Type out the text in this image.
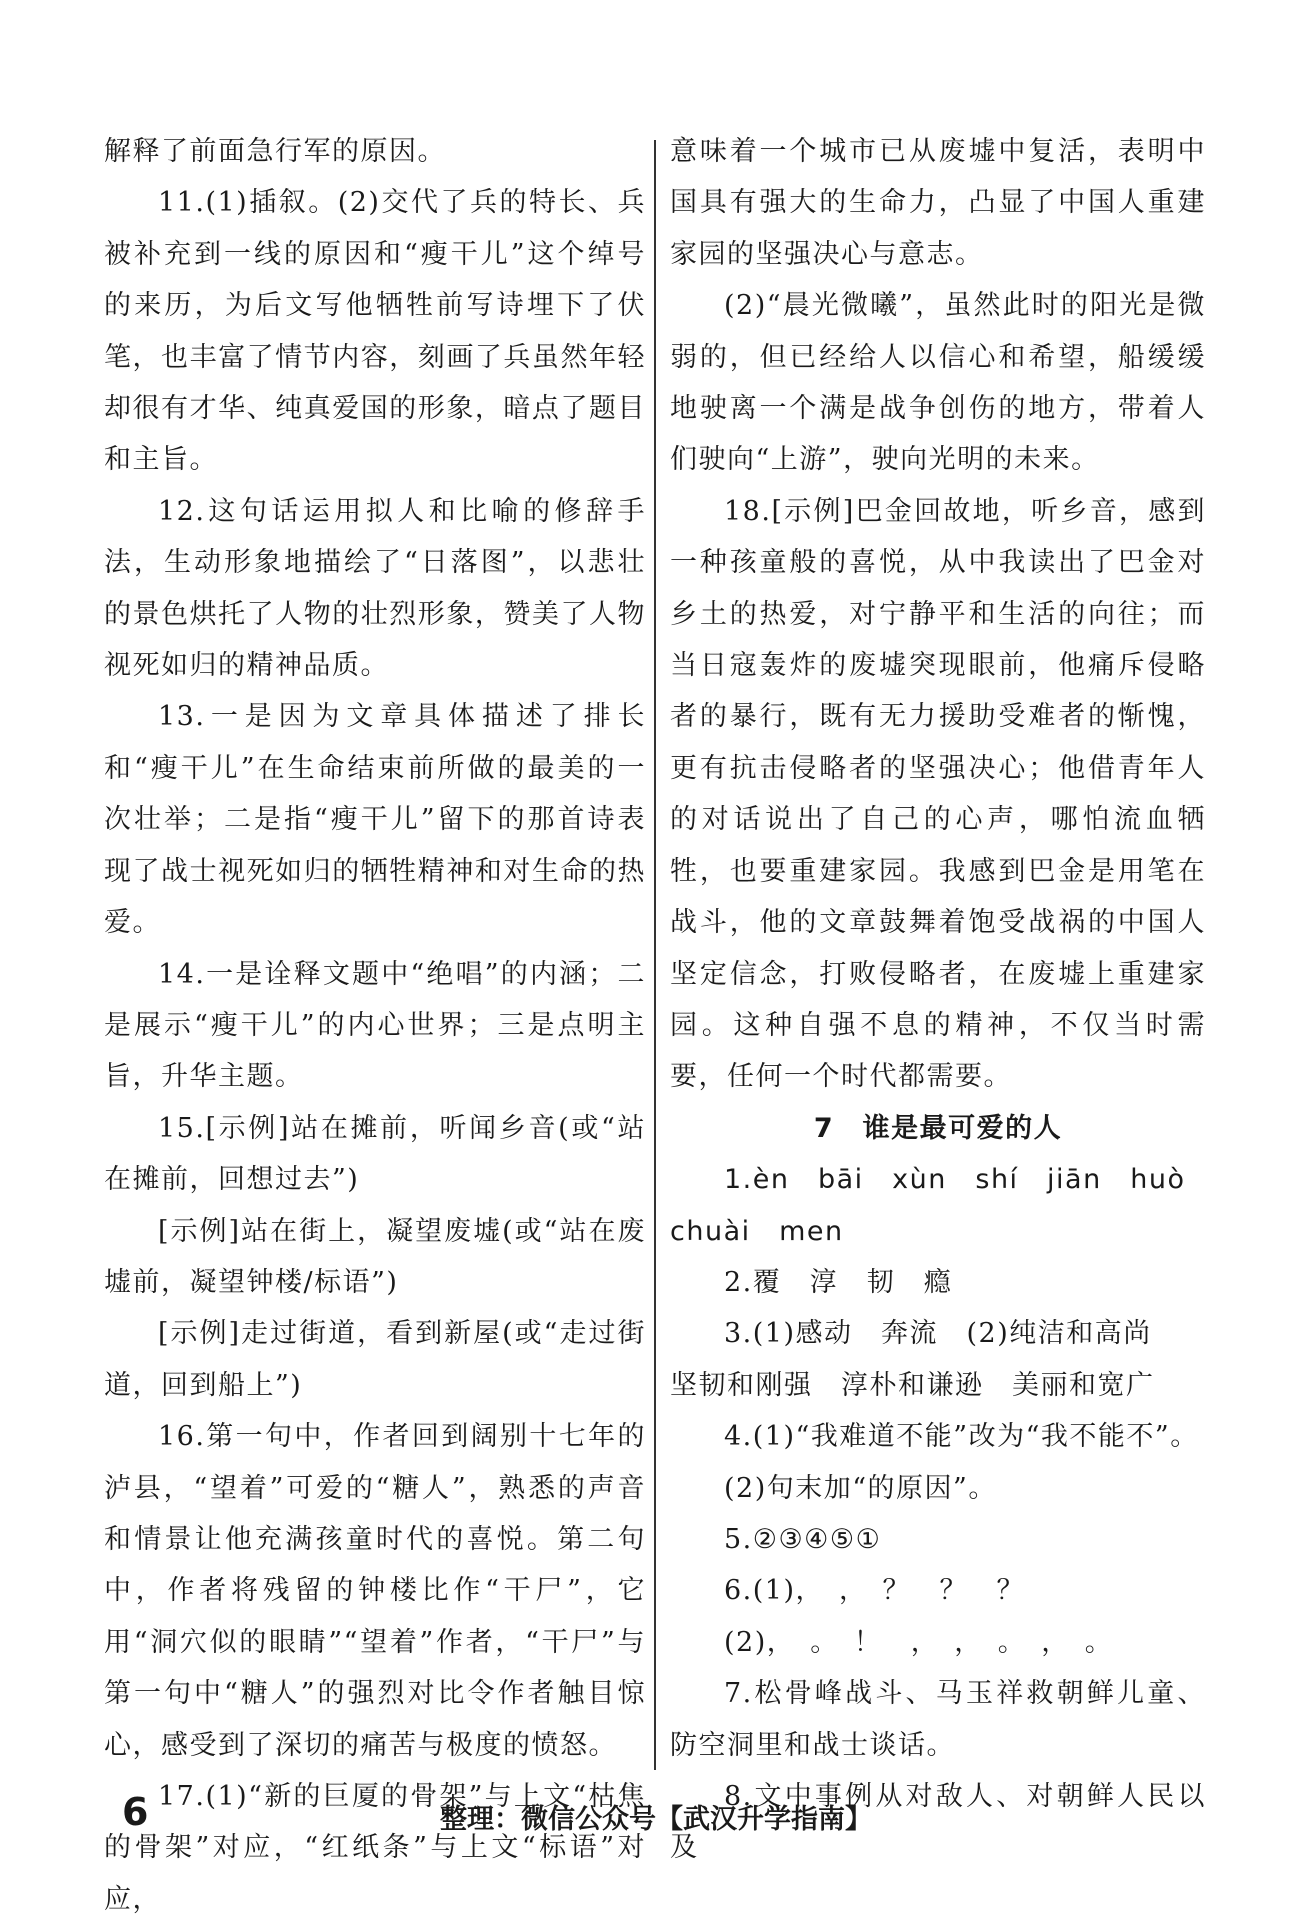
解释了前面急行军的原因。

11.(1)插叙。(2)交代了兵的特长、兵被补充到一线的原因和“瘦干儿”这个绰号的来历，为后文写他牺牲前写诗埋下了伏笔，也丰富了情节内容，刻画了兵虽然年轻却很有才华、纯真爱国的形象，暗点了题目和主旨。

12.这句话运用拟人和比喻的修辞手法，生动形象地描绘了“日落图”，以悲壮的景色烘托了人物的壮烈形象，赞美了人物视死如归的精神品质。

13.一是因为文章具体描述了排长和“瘦干儿”在生命结束前所做的最美的一次壮举；二是指“瘦干儿”留下的那首诗表现了战士视死如归的牺牲精神和对生命的热爱。

14.一是诠释文题中“绝唱”的内涵；二是展示“瘦干儿”的内心世界；三是点明主旨，升华主题。

15.[示例]站在摊前，听闻乡音(或“站在摊前，回想过去”)

[示例]站在街上，凝望废墟(或“站在废墟前，凝望钟楼/标语”)

[示例]走过街道，看到新屋(或“走过街道，回到船上”)

16.第一句中，作者回到阔别十七年的泸县，“望着”可爱的“糖人”，熟悉的声音和情景让他充满孩童时代的喜悦。第二句中，作者将残留的钟楼比作“干尸”，它用“洞穴似的眼睛”“望着”作者，“干尸”与第一句中“糖人”的强烈对比令作者触目惊心，感受到了深切的痛苦与极度的愤怒。

17.(1)“新的巨厦的骨架”与上文“枯焦的骨架”对应，“红纸条”与上文“标语”对应，

意味着一个城市已从废墟中复活，表明中国具有强大的生命力，凸显了中国人重建家园的坚强决心与意志。

(2)“晨光微曦”，虽然此时的阳光是微弱的，但已经给人以信心和希望，船缓缓地驶离一个满是战争创伤的地方，带着人们驶向“上游”，驶向光明的未来。

18.[示例]巴金回故地，听乡音，感到一种孩童般的喜悦，从中我读出了巴金对乡土的热爱，对宁静平和生活的向往；而当日寇轰炸的废墟突现眼前，他痛斥侵略者的暴行，既有无力援助受难者的惭愧，更有抗击侵略者的坚强决心；他借青年人的对话说出了自己的心声，哪怕流血牺牲，也要重建家园。我感到巴金是用笔在战斗，他的文章鼓舞着饱受战祸的中国人坚定信念，打败侵略者，在废墟上重建家园。这种自强不息的精神，不仅当时需要，任何一个时代都需要。

7　谁是最可爱的人

1.èn　bāi　xùn　shí　jiān　huò

chuài　men

2.覆　淳　韧　瘾

3.(1)感动　奔流　(2)纯洁和高尚

坚韧和刚强　淳朴和谦逊　美丽和宽广

4.(1)“我难道不能”改为“我不能不”。

(2)句末加“的原因”。

5.②③④⑤①

6.(1)，　，　？　？　？

(2)，　。　！　，　，　。　，　。

7.松骨峰战斗、马玉祥救朝鲜儿童、防空洞里和战士谈话。

8.文中事例从对敌人、对朝鲜人民以及

6	整理：微信公众号【武汉升学指南】
